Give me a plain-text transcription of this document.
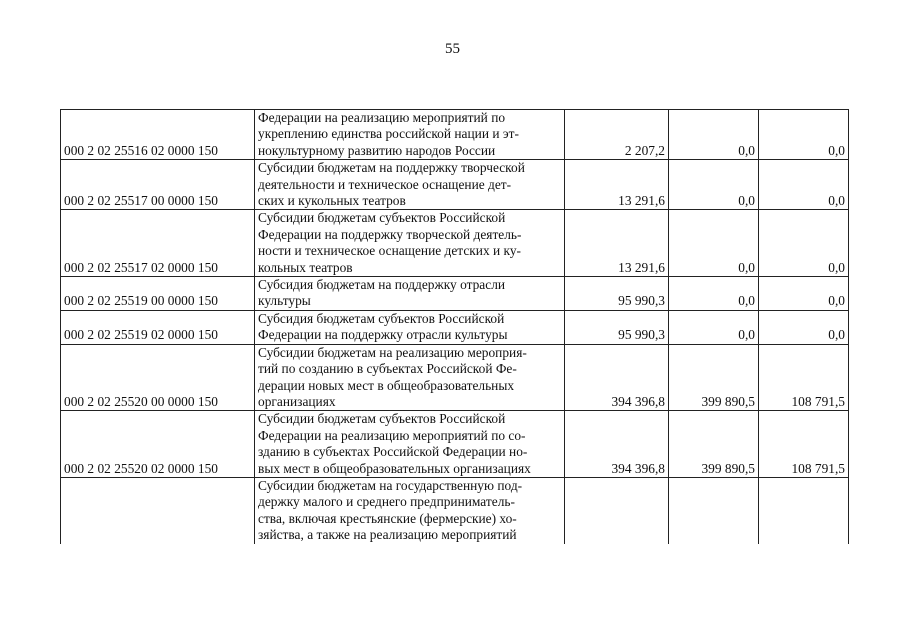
55
000 2 02 25516 02 0000 150	Федерации на реализацию мероприятий по
укреплению единства российской нации и эт-
нокультурному развитию народов России	2 207,2	0,0	0,0
000 2 02 25517 00 0000 150	Субсидии бюджетам на поддержку творческой
деятельности и техническое оснащение дет-
ских и кукольных театров	13 291,6	0,0	0,0
000 2 02 25517 02 0000 150	Субсидии бюджетам субъектов Российской
Федерации на поддержку творческой деятель-
ности и техническое оснащение детских и ку-
кольных театров	13 291,6	0,0	0,0
000 2 02 25519 00 0000 150	Субсидия бюджетам на поддержку отрасли
культуры	95 990,3	0,0	0,0
000 2 02 25519 02 0000 150	Субсидия бюджетам субъектов Российской
Федерации на поддержку отрасли культуры	95 990,3	0,0	0,0
000 2 02 25520 00 0000 150	Субсидии бюджетам на реализацию мероприя-
тий по созданию в субъектах Российской Фе-
дерации новых мест в общеобразовательных
организациях	394 396,8	399 890,5	108 791,5
000 2 02 25520 02 0000 150	Субсидии бюджетам субъектов Российской
Федерации на реализацию мероприятий по со-
зданию в субъектах Российской Федерации но-
вых мест в общеобразовательных организациях	394 396,8	399 890,5	108 791,5

	Субсидии бюджетам на государственную под-
держку малого и среднего предприниматель-
ства, включая крестьянские (фермерские) хо-
зяйства, а также на реализацию мероприятий			
